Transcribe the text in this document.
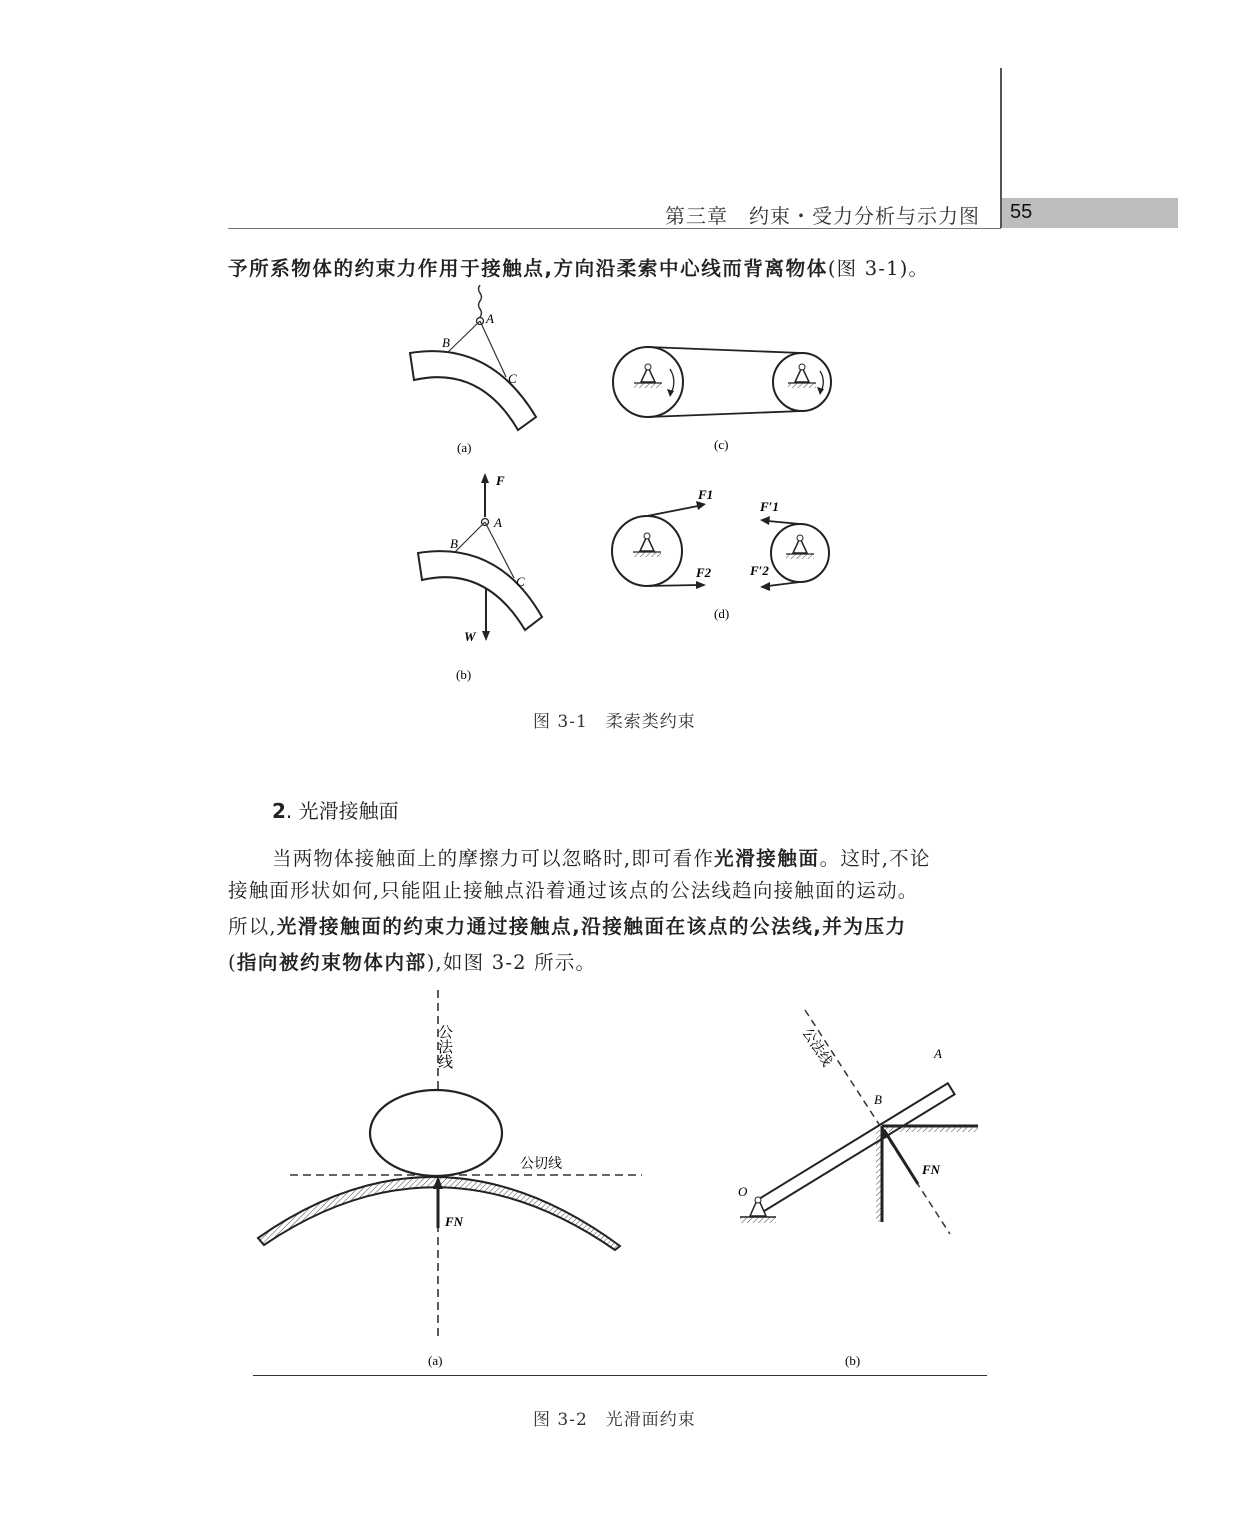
第三章　约束・受力分析与示力图 55
予所系物体的约束力作用于接触点,方向沿柔索中心线而背离物体(图 3-1)。
A
B
C
(a)
F
A
B
C
W
(b)
(c)
F1
F2
F′1
F′2
(d)
图 3-1　柔索类约束
2. 光滑接触面
当两物体接触面上的摩擦力可以忽略时,即可看作光滑接触面。这时,不论
接触面形状如何,只能阻止接触点沿着通过该点的公法线趋向接触面的运动。
所以,光滑接触面的约束力通过接触点,沿接触面在该点的公法线,并为压力
(指向被约束物体内部),如图 3-2 所示。
FN
公法线
公切线
(a)
公法线	A
B
O
FN
(b)
图 3-2　光滑面约束
